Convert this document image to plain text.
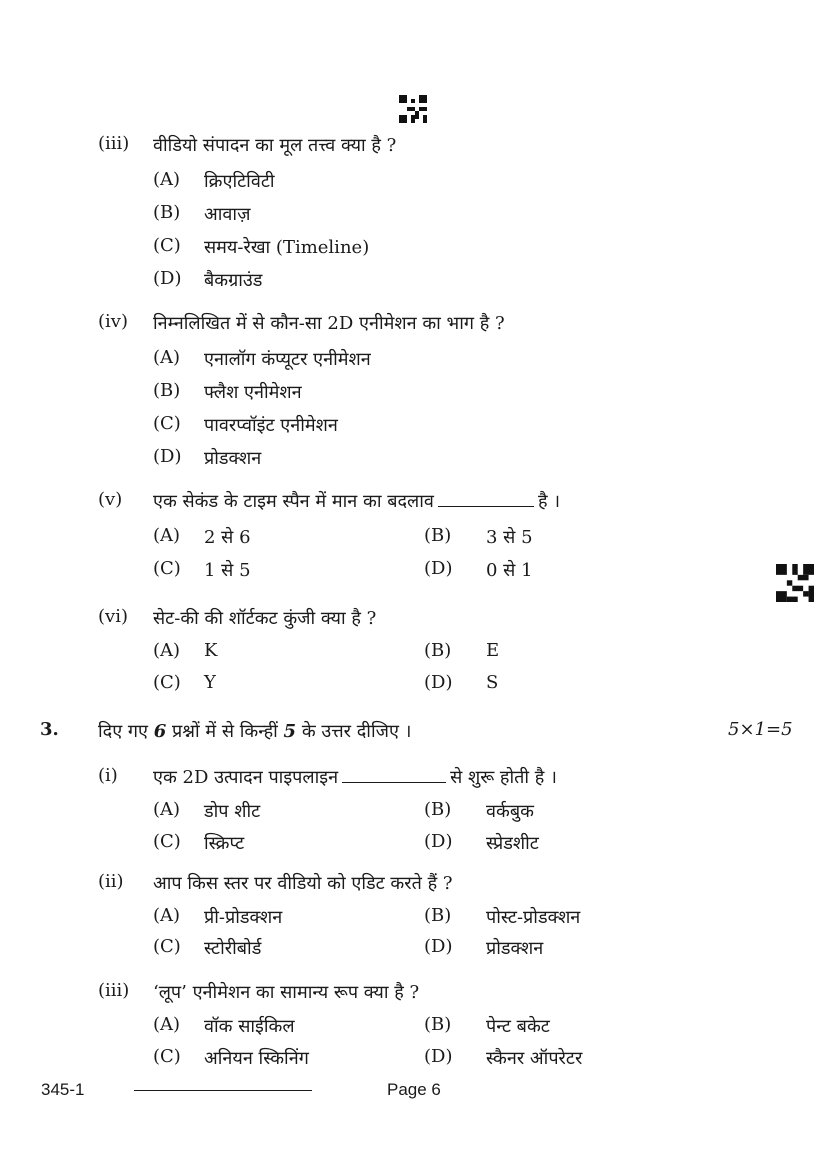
(iii) वीडियो संपादन का मूल तत्त्व क्या है ?
(A) क्रिएटिविटी
(B) आवाज़
(C) समय-रेखा (Timeline)
(D) बैकग्राउंड
(iv) निम्नलिखित में से कौन-सा 2D एनीमेशन का भाग है ?
(A) एनालॉग कंप्यूटर एनीमेशन
(B) फ्लैश एनीमेशन
(C) पावरप्वॉइंट एनीमेशन
(D) प्रोडक्शन
(v) एक सेकंड के टाइम स्पैन में मान का बदलाव	है ।
(A) 2 से 6	(B) 3 से 5
(C) 1 से 5	(D) 0 से 1
(vi) सेट-की की शॉर्टकट कुंजी क्या है ?
(A) K	(B) E
(C) Y	(D) S
3. दिए गए 6 प्रश्नों में से किन्हीं 5 के उत्तर दीजिए ।	5×1=5
(i) एक 2D उत्पादन पाइपलाइन	से शुरू होती है ।
(A) डोप शीट	(B) वर्कबुक
(C) स्क्रिप्ट	(D) स्प्रेडशीट
(ii) आप किस स्तर पर वीडियो को एडिट करते हैं ?
(A) प्री-प्रोडक्शन	(B) पोस्ट-प्रोडक्शन
(C) स्टोरीबोर्ड	(D) प्रोडक्शन
(iii) ‘लूप’ एनीमेशन का सामान्य रूप क्या है ?
(A) वॉक साईकिल	(B) पेन्ट बकेट
(C) अनियन स्किनिंग	(D) स्कैनर ऑपरेटर
345-1	Page 6
